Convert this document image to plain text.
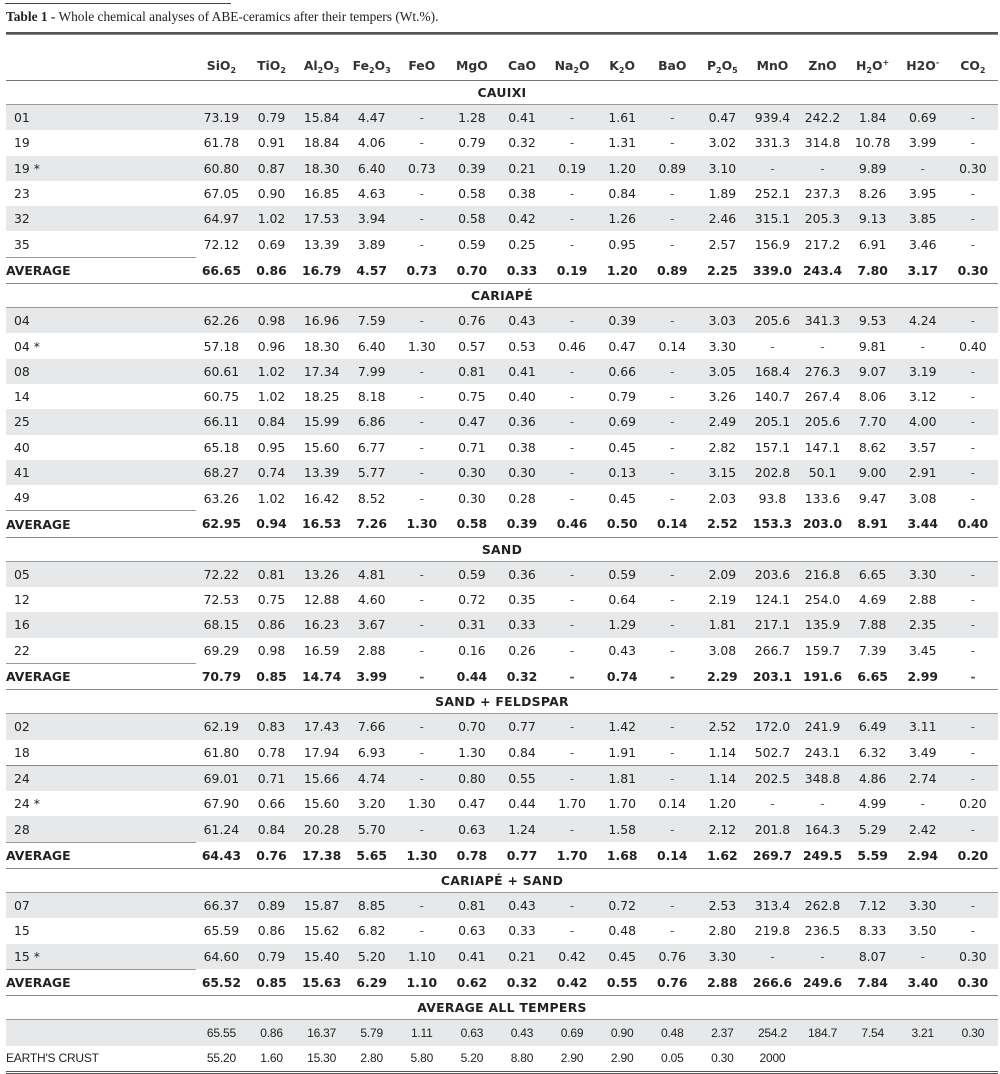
Table 1 - Whole chemical analyses of ABE-ceramics after their tempers (Wt.%).
	SiO$_2$	TiO$_2$	$Al_2O_3$	$Fe_2O_3$	FeO	MgO	CaO	$Na_2O$	$K_2O$	BaO	$P_2O_5$	MnO	ZnO	$H_2O^+$	H2O-	$CO_2$
CAUIXI																
01	73.19	0.79	15.84	4.47	-	1.28	0.41	-	1.61	-	0.47	939.4	242.2	1.84	0.69	-
19	61.78	0.91	18.84	4.06	-	0.79	0.32	-	1.31	-	3.02	331.3	314.8	10.78	3.99	-
19 *	60.80	0.87	18.30	6.40	0.73	0.39	0.21	0.19	1.20	0.89	3.10	-	-	9.89	-	0.30
23	67.05	0.90	16.85	4.63	-	0.58	0.38	-	0.84	-	1.89	252.1	237.3	8.26	3.95	-
32	64.97	1.02	17.53	3.94	-	0.58	0.42	-	1.26	-	2.46	315.1	205.3	9.13	3.85	-
35	72.12	0.69	13.39	3.89	-	0.59	0.25	-	0.95	-	2.57	156.9	217.2	6.91	3.46	-
AVERAGE	66.65	0.86	16.79	4.57	0.73	0.70	0.33	0.19	1.20	0.89	2.25	339.0	243.4	7.80	3.17	0.30
CARIAPÉ																
04	62.26	0.98	16.96	7.59	-	0.76	0.43	-	0.39	-	3.03	205.6	341.3	9.53	4.24	-
04 *	57.18	0.96	18.30	6.40	1.30	0.57	0.53	0.46	0.47	0.14	3.30	-	-	9.81	-	0.40
08	60.61	1.02	17.34	7.99	-	0.81	0.41	-	0.66	-	3.05	168.4	276.3	9.07	3.19	-
14	60.75	1.02	18.25	8.18	-	0.75	0.40	-	0.79	-	3.26	140.7	267.4	8.06	3.12	-
25	66.11	0.84	15.99	6.86	-	0.47	0.36	-	0.69	-	2.49	205.1	205.6	7.70	4.00	-
40	65.18	0.95	15.60	6.77	-	0.71	0.38	-	0.45	-	2.82	157.1	147.1	8.62	3.57	-
41	68.27	0.74	13.39	5.77	-	0.30	0.30	-	0.13	-	3.15	202.8	50.1	9.00	2.91	-
49	63.26	1.02	16.42	8.52	-	0.30	0.28	-	0.45	-	2.03	93.8	133.6	9.47	3.08	-
AVERAGE	62.95	0.94	16.53	7.26	1.30	0.58	0.39	0.46	0.50	0.14	2.52	153.3	203.0	8.91	3.44	0.40
SAND																
05	72.22	0.81	13.26	4.81	-	0.59	0.36	-	0.59	-	2.09	203.6	216.8	6.65	3.30	-
12	72.53	0.75	12.88	4.60	-	0.72	0.35	-	0.64	-	2.19	124.1	254.0	4.69	2.88	-
16	68.15	0.86	16.23	3.67	-	0.31	0.33	-	1.29	-	1.81	217.1	135.9	7.88	2.35	-
22	69.29	0.98	16.59	2.88	-	0.16	0.26	-	0.43	-	3.08	266.7	159.7	7.39	3.45	-
AVERAGE	70.79	0.85	14.74	3.99	-	0.44	0.32	-	0.74	-	2.29	203.1	191.6	6.65	2.99	-
SAND + FELDSPAR																
02	62.19	0.83	17.43	7.66	-	0.70	0.77	-	1.42	-	2.52	172.0	241.9	6.49	3.11	-
18	61.80	0.78	17.94	6.93	-	1.30	0.84	-	1.91	-	1.14	502.7	243.1	6.32	3.49	-
24	69.01	0.71	15.66	4.74	-	0.80	0.55	-	1.81	-	1.14	202.5	348.8	4.86	2.74	-
24 *	67.90	0.66	15.60	3.20	1.30	0.47	0.44	1.70	1.70	0.14	1.20	-	-	4.99	-	0.20
28	61.24	0.84	20.28	5.70	-	0.63	1.24	-	1.58	-	2.12	201.8	164.3	5.29	2.42	-
AVERAGE	64.43	0.76	17.38	5.65	1.30	0.78	0.77	1.70	1.68	0.14	1.62	269.7	249.5	5.59	2.94	0.20
CARIAPÉ + SAND																
07	66.37	0.89	15.87	8.85	-	0.81	0.43	-	0.72	-	2.53	313.4	262.8	7.12	3.30	-
15	65.59	0.86	15.62	6.82	-	0.63	0.33	-	0.48	-	2.80	219.8	236.5	8.33	3.50	-
15 *	64.60	0.79	15.40	5.20	1.10	0.41	0.21	0.42	0.45	0.76	3.30	-	-	8.07	-	0.30
AVERAGE	65.52	0.85	15.63	6.29	1.10	0.62	0.32	0.42	0.55	0.76	2.88	266.6	249.6	7.84	3.40	0.30
AVERAGE ALL TEMPERS																
	65.55	0.86	16.37	5.79	1.11	0.63	0.43	0.69	0.90	0.48	2.37	254.2	184.7	7.54	3.21	0.30
EARTH'S CRUST	55.20	1.60	15.30	2.80	5.80	5.20	8.80	2.90	2.90	0.05	0.30	2000				
